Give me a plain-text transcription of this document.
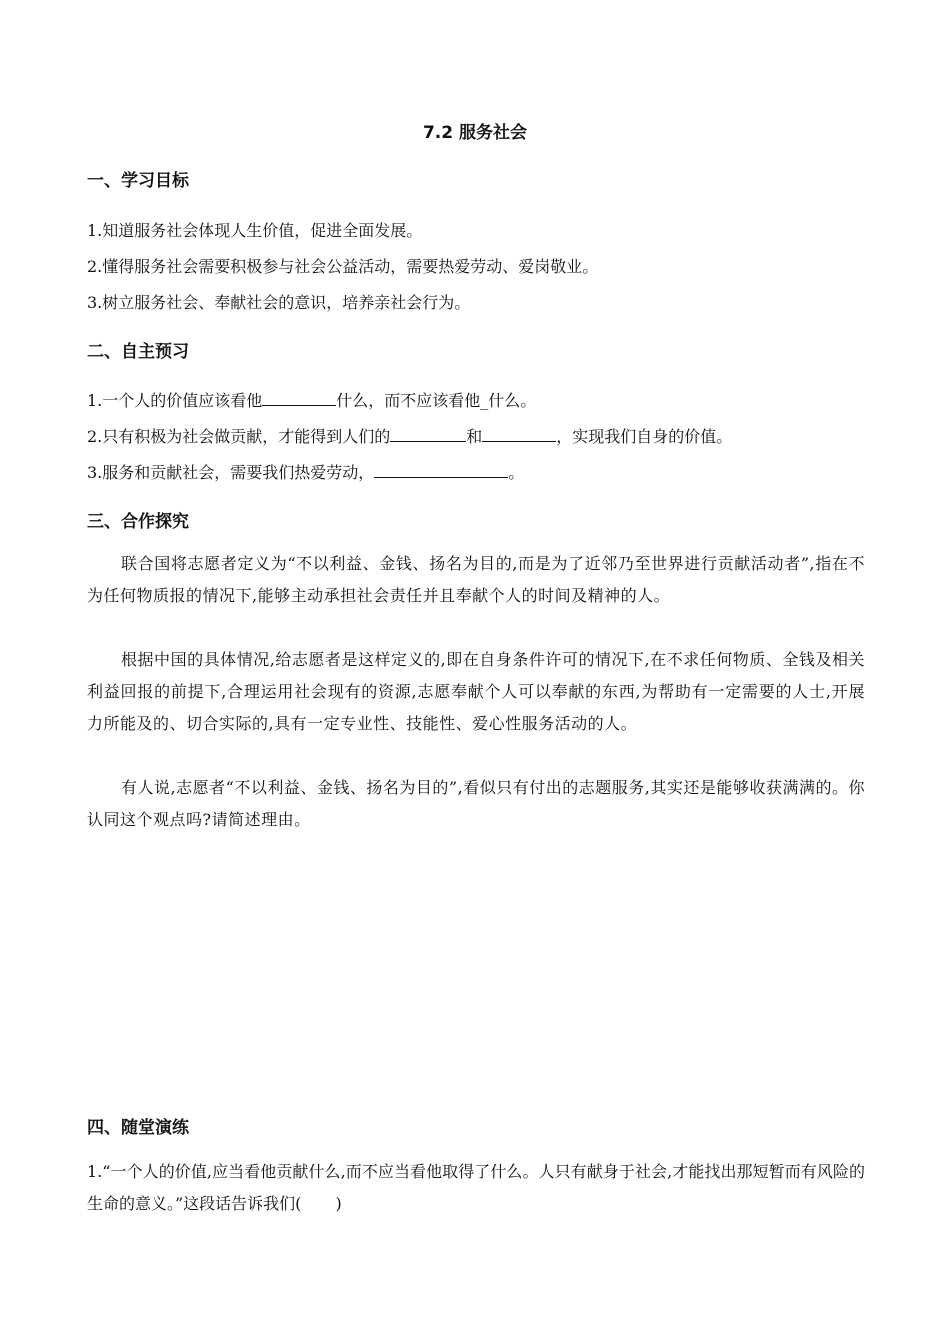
7.2 服务社会
一、学习目标
1.知道服务社会体现人生价值，促进全面发展。
2.懂得服务社会需要积极参与社会公益活动，需要热爱劳动、爱岗敬业。
3.树立服务社会、奉献社会的意识，培养亲社会行为。
二、自主预习
1.一个人的价值应该看他	什么，而不应该看他_什么。
2.只有积极为社会做贡献，才能得到人们的	和	，实现我们自身的价值。
3.服务和贡献社会，需要我们热爱劳动，	。
三、合作探究
联合国将志愿者定义为“不以利益、金钱、扬名为目的,而是为了近邻乃至世界进行贡献活动者”,指在不为任何物质报的情况下,能够主动承担社会责任并且奉献个人的时间及精神的人。
根据中国的具体情况,给志愿者是这样定义的,即在自身条件许可的情况下,在不求任何物质、全钱及相关利益回报的前提下,合理运用社会现有的资源,志愿奉献个人可以奉献的东西,为帮助有一定需要的人士,开展力所能及的、切合实际的,具有一定专业性、技能性、爱心性服务活动的人。
有人说,志愿者“不以利益、金钱、扬名为目的”,看似只有付出的志题服务,其实还是能够收获满满的。你认同这个观点吗?请简述理由。
四、随堂演练
1.“一个人的价值,应当看他贡献什么,而不应当看他取得了什么。人只有献身于社会,才能找出那短暂而有风险的生命的意义。”这段话告诉我们( )
